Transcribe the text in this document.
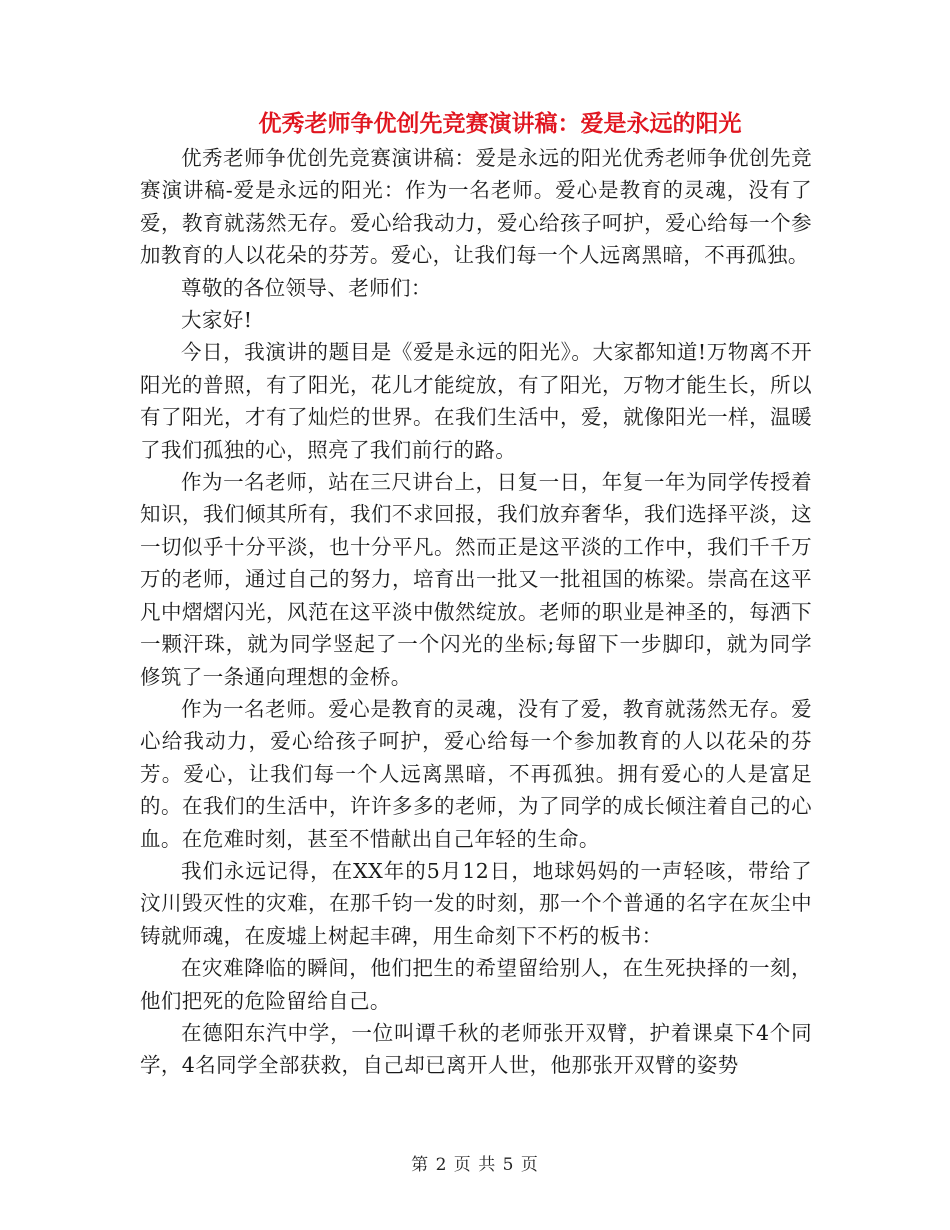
优秀老师争优创先竞赛演讲稿：爱是永远的阳光

优秀老师争优创先竞赛演讲稿：爱是永远的阳光优秀老师争优创先竞赛演讲稿-爱是永远的阳光：作为一名老师。爱心是教育的灵魂，没有了爱，教育就荡然无存。爱心给我动力，爱心给孩子呵护，爱心给每一个参加教育的人以花朵的芬芳。爱心，让我们每一个人远离黑暗，不再孤独。

尊敬的各位领导、老师们：

大家好!

今日，我演讲的题目是《爱是永远的阳光》。大家都知道!万物离不开阳光的普照，有了阳光，花儿才能绽放，有了阳光，万物才能生长，所以有了阳光，才有了灿烂的世界。在我们生活中，爱，就像阳光一样，温暖了我们孤独的心，照亮了我们前行的路。

作为一名老师，站在三尺讲台上，日复一日，年复一年为同学传授着知识，我们倾其所有，我们不求回报，我们放弃奢华，我们选择平淡，这一切似乎十分平淡，也十分平凡。然而正是这平淡的工作中，我们千千万万的老师，通过自己的努力，培育出一批又一批祖国的栋梁。崇高在这平凡中熠熠闪光，风范在这平淡中傲然绽放。老师的职业是神圣的，每洒下一颗汗珠，就为同学竖起了一个闪光的坐标;每留下一步脚印，就为同学修筑了一条通向理想的金桥。

作为一名老师。爱心是教育的灵魂，没有了爱，教育就荡然无存。爱心给我动力，爱心给孩子呵护，爱心给每一个参加教育的人以花朵的芬芳。爱心，让我们每一个人远离黑暗，不再孤独。拥有爱心的人是富足的。在我们的生活中，许许多多的老师，为了同学的成长倾注着自己的心血。在危难时刻，甚至不惜献出自己年轻的生命。

我们永远记得，在XX年的5月12日，地球妈妈的一声轻咳，带给了汶川毁灭性的灾难，在那千钧一发的时刻，那一个个普通的名字在灰尘中铸就师魂，在废墟上树起丰碑，用生命刻下不朽的板书：

在灾难降临的瞬间，他们把生的希望留给别人，在生死抉择的一刻，他们把死的危险留给自己。

在德阳东汽中学，一位叫谭千秋的老师张开双臂，护着课桌下4个同学，4名同学全部获救，自己却已离开人世，他那张开双臂的姿势

第 2 页 共 5 页
